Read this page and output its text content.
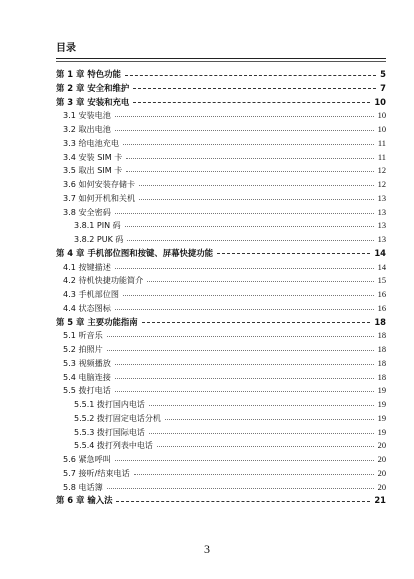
目录
第 1 章 特色功能	5
第 2 章 安全和维护	7
第 3 章 安装和充电	10
3.1 安装电池	10
3.2 取出电池	10
3.3 给电池充电	11
3.4 安装 SIM 卡	11
3.5 取出 SIM 卡	12
3.6 如何安装存储卡	12
3.7 如何开机和关机	13
3.8 安全密码	13
3.8.1 PIN 码	13
3.8.2 PUK 码	13
第 4 章 手机部位图和按键、屏幕快捷功能	14
4.1 按键描述	14
4.2 待机快捷功能简介	15
4.3 手机部位图	16
4.4 状态图标	16
第 5 章 主要功能指南	18
5.1 听音乐	18
5.2 拍照片	18
5.3 视频播放	18
5.4 电脑连接	18
5.5 拨打电话	19
5.5.1 拨打国内电话	19
5.5.2 拨打固定电话分机	19
5.5.3 拨打国际电话	19
5.5.4 拨打列表中电话	20
5.6 紧急呼叫	20
5.7 接听/结束电话	20
5.8 电话簿	20
第 6 章 输入法	21
3
